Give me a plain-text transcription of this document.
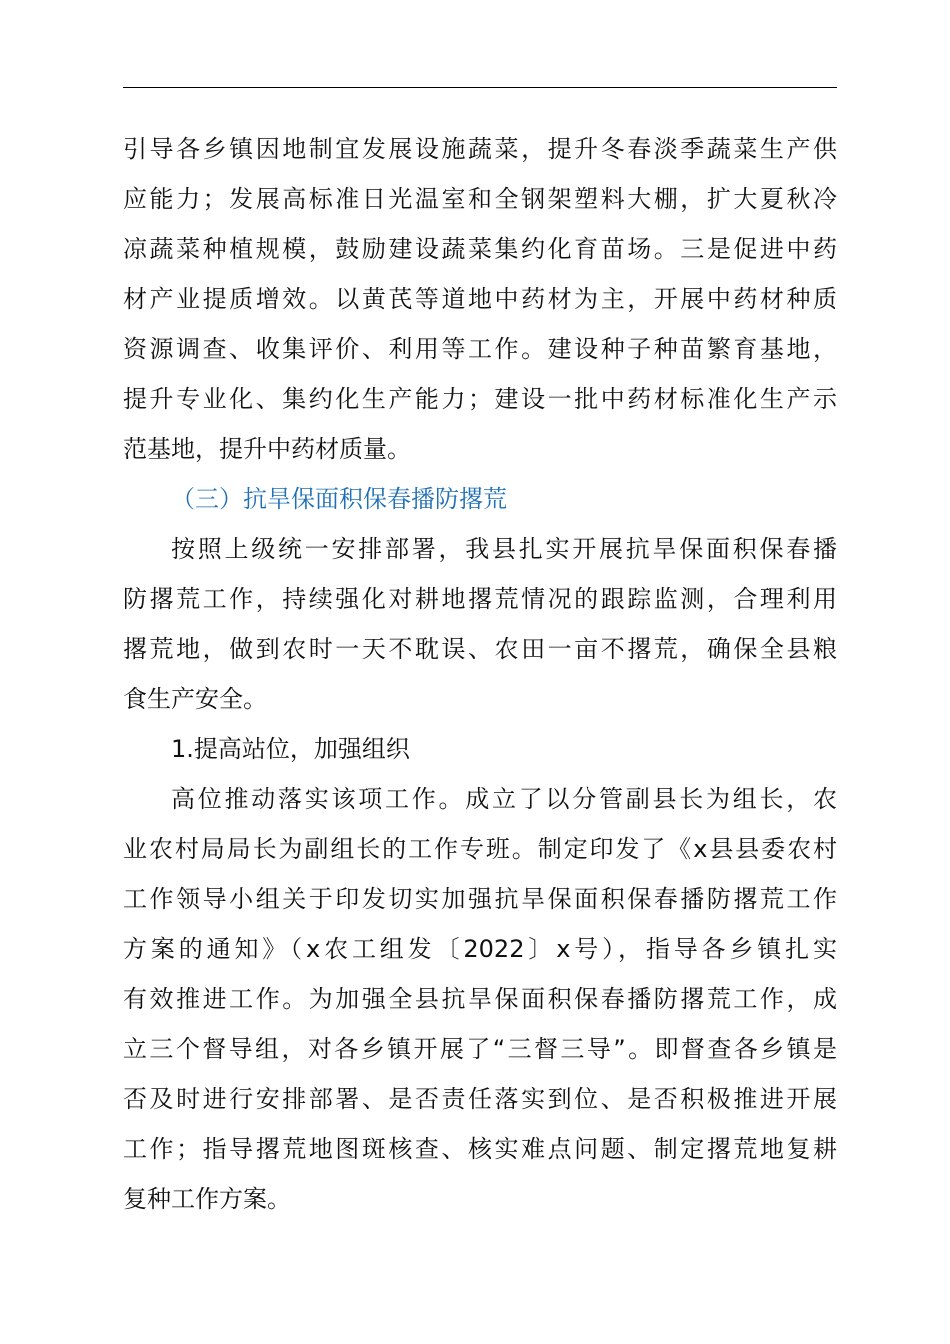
引导各乡镇因地制宜发展设施蔬菜，提升冬春淡季蔬菜生产供
应能力；发展高标准日光温室和全钢架塑料大棚，扩大夏秋冷
凉蔬菜种植规模，鼓励建设蔬菜集约化育苗场。三是促进中药
材产业提质增效。以黄芪等道地中药材为主，开展中药材种质
资源调查、收集评价、利用等工作。建设种子种苗繁育基地，
提升专业化、集约化生产能力；建设一批中药材标准化生产示
范基地，提升中药材质量。
（三）抗旱保面积保春播防撂荒
按照上级统一安排部署，我县扎实开展抗旱保面积保春播
防撂荒工作，持续强化对耕地撂荒情况的跟踪监测，合理利用
撂荒地，做到农时一天不耽误、农田一亩不撂荒，确保全县粮
食生产安全。
1.提高站位，加强组织
高位推动落实该项工作。成立了以分管副县长为组长，农
业农村局局长为副组长的工作专班。制定印发了《x县县委农村
工作领导小组关于印发切实加强抗旱保面积保春播防撂荒工作
方案的通知》（x农工组发〔2022〕x号），指导各乡镇扎实
有效推进工作。为加强全县抗旱保面积保春播防撂荒工作，成
立三个督导组，对各乡镇开展了“三督三导”。即督查各乡镇是
否及时进行安排部署、是否责任落实到位、是否积极推进开展
工作；指导撂荒地图斑核查、核实难点问题、制定撂荒地复耕
复种工作方案。
